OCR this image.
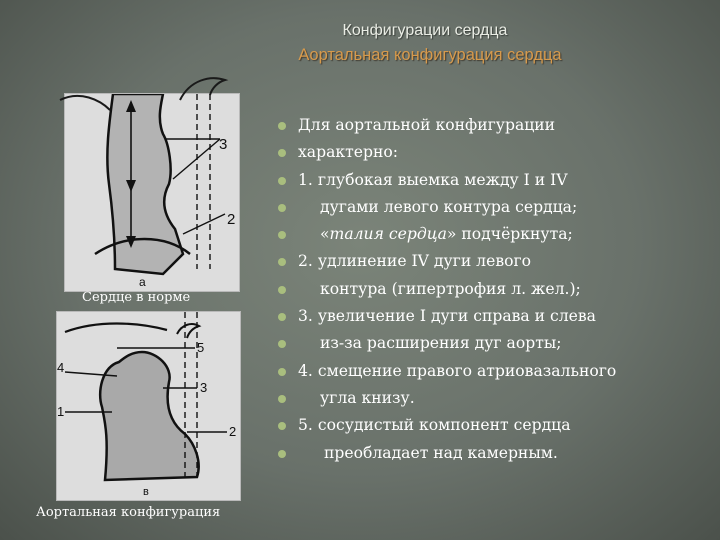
Конфигурации сердца
Аортальная конфигурация сердца
3
2
а
Сердце в норме
5
4
3
1
2
в
Аортальная конфигурация
Для аортальной конфигурации
характерно:
1. глубокая выемка между I и IV
дугами левого контура сердца;
«талия сердца» подчёркнута;
2. удлинение IV дуги левого
контура (гипертрофия л. жел.);
3. увеличение I дуги справа и слева
из-за расширения дуг аорты;
4. смещение правого атриовазального
угла книзу.
5. сосудистый компонент сердца
преобладает над камерным.
